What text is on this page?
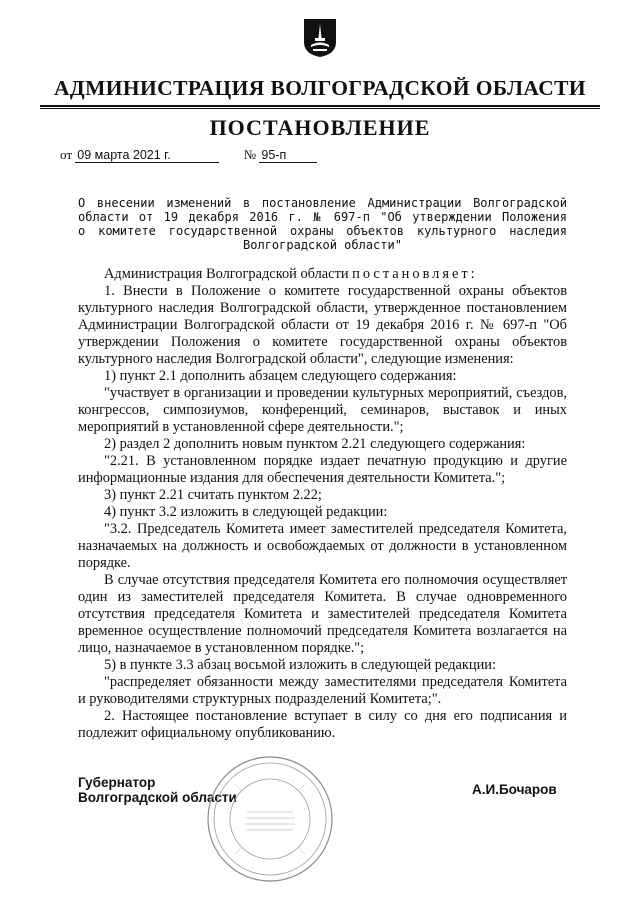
АДМИНИСТРАЦИЯ ВОЛГОГРАДСКОЙ ОБЛАСТИ
ПОСТАНОВЛЕНИЕ
от 09 марта 2021 г.	№ 95-п
О внесении изменений в постановление Администрации Волгоградской
области от 19 декабря 2016 г. № 697-п "Об утверждении Положения
о комитете государственной охраны объектов культурного наследия
Волгоградской области"

Администрация Волгоградской области постановляет:

1. Внести в Положение о комитете государственной охраны объектов культурного наследия Волгоградской области, утвержденное постановлением Администрации Волгоградской области от 19 декабря 2016 г. № 697-п "Об утверждении Положения о комитете государственной охраны объектов культурного наследия Волгоградской области", следующие изменения:

1) пункт 2.1 дополнить абзацем следующего содержания:

"участвует в организации и проведении культурных мероприятий, съездов, конгрессов, симпозиумов, конференций, семинаров, выставок и иных мероприятий в установленной сфере деятельности.";

2) раздел 2 дополнить новым пунктом 2.21 следующего содержания:

"2.21. В установленном порядке издает печатную продукцию и другие информационные издания для обеспечения деятельности Комитета.";

3) пункт 2.21 считать пунктом 2.22;

4) пункт 3.2 изложить в следующей редакции:

"3.2. Председатель Комитета имеет заместителей председателя Комитета, назначаемых на должность и освобождаемых от должности в установленном порядке.

В случае отсутствия председателя Комитета его полномочия осуществляет один из заместителей председателя Комитета. В случае одновременного отсутствия председателя Комитета и заместителей председателя Комитета временное осуществление полномочий председателя Комитета возлагается на лицо, назначаемое в установленном порядке.";

5) в пункте 3.3 абзац восьмой изложить в следующей редакции:

"распределяет обязанности между заместителями председателя Комитета и руководителями структурных подразделений Комитета;".

2. Настоящее постановление вступает в силу со дня его подписания и подлежит официальному опубликованию.

Губернатор
Волгоградской области
А.И.Бочаров
